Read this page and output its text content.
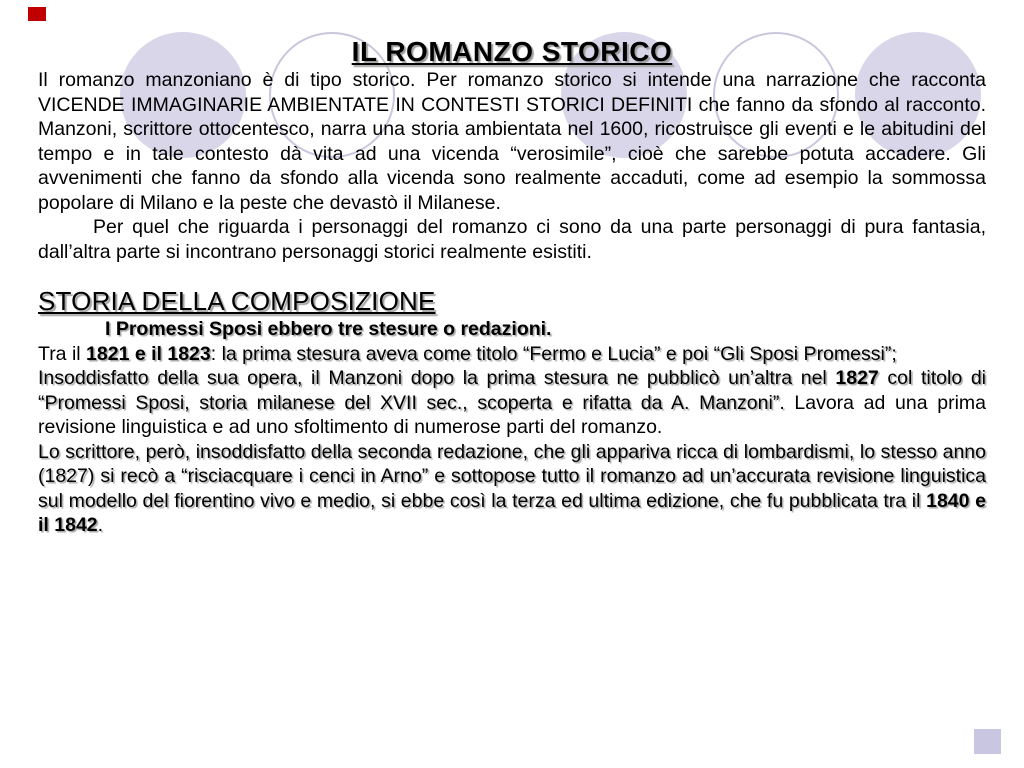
IL ROMANZO STORICO

Il romanzo manzoniano è di tipo storico. Per romanzo storico si intende una narrazione che racconta VICENDE IMMAGINARIE AMBIENTATE IN CONTESTI STORICI DEFINITI che fanno da sfondo al racconto. Manzoni, scrittore ottocentesco, narra una storia ambientata nel 1600, ricostruisce gli eventi e le abitudini del tempo e in tale contesto dà vita ad una vicenda “verosimile”, cioè che sarebbe potuta accadere. Gli avvenimenti che fanno da sfondo alla vicenda sono realmente accaduti, come ad esempio la sommossa popolare di Milano e la peste che devastò il Milanese.

Per quel che riguarda i personaggi del romanzo ci sono da una parte personaggi di pura fantasia, dall’altra parte si incontrano personaggi storici realmente esistiti.

STORIA DELLA COMPOSIZIONE

I Promessi Sposi ebbero tre stesure o redazioni.

Tra il 1821 e il 1823: la prima stesura aveva come titolo “Fermo e Lucia” e poi “Gli Sposi Promessi”;

Insoddisfatto della sua opera, il Manzoni dopo la prima stesura ne pubblicò un’altra nel 1827 col titolo di “Promessi Sposi, storia milanese del XVII sec., scoperta e rifatta da A. Manzoni”. Lavora ad una prima revisione linguistica e ad uno sfoltimento di numerose parti del romanzo.

Lo scrittore, però, insoddisfatto della seconda redazione, che gli appariva ricca di lombardismi, lo stesso anno (1827) si recò a “risciacquare i cenci in Arno” e sottopose tutto il romanzo ad un’accurata revisione linguistica sul modello del fiorentino vivo e medio, si ebbe così la terza ed ultima edizione, che fu pubblicata tra il 1840 e il 1842.
